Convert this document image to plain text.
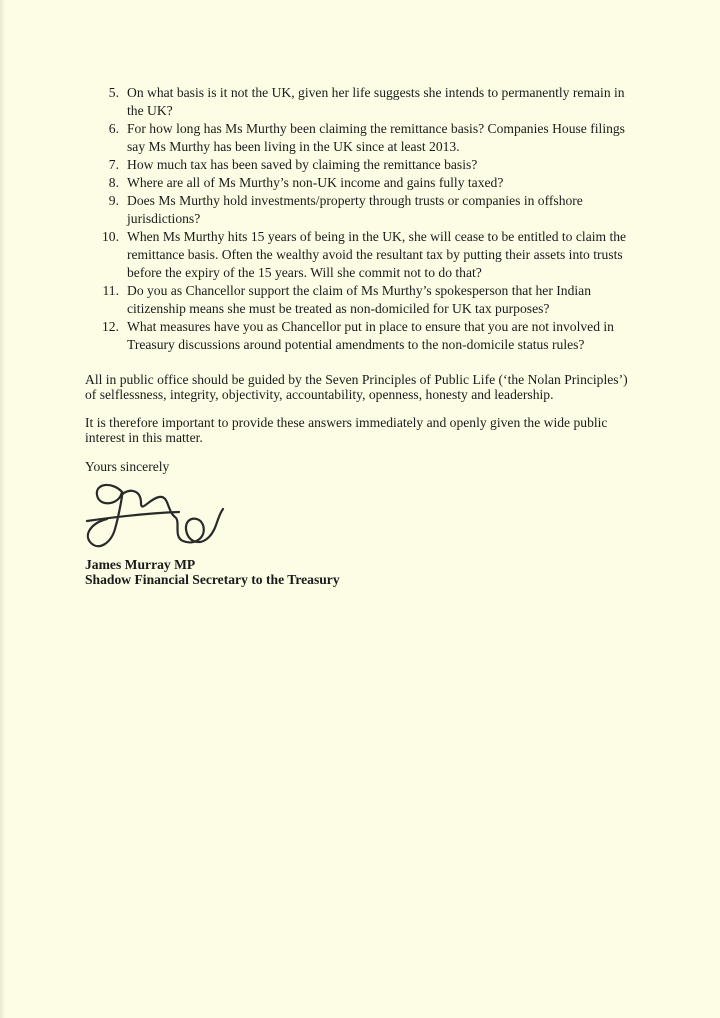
5. On what basis is it not the UK, given her life suggests she intends to permanently remain in the UK?
6. For how long has Ms Murthy been claiming the remittance basis? Companies House filings say Ms Murthy has been living in the UK since at least 2013.
7. How much tax has been saved by claiming the remittance basis?
8. Where are all of Ms Murthy’s non-UK income and gains fully taxed?
9. Does Ms Murthy hold investments/property through trusts or companies in offshore jurisdictions?
10. When Ms Murthy hits 15 years of being in the UK, she will cease to be entitled to claim the remittance basis. Often the wealthy avoid the resultant tax by putting their assets into trusts before the expiry of the 15 years. Will she commit not to do that?
11. Do you as Chancellor support the claim of Ms Murthy’s spokesperson that her Indian citizenship means she must be treated as non-domiciled for UK tax purposes?
12. What measures have you as Chancellor put in place to ensure that you are not involved in Treasury discussions around potential amendments to the non-domicile status rules?

All in public office should be guided by the Seven Principles of Public Life (‘the Nolan Principles’) of selflessness, integrity, objectivity, accountability, openness, honesty and leadership.

It is therefore important to provide these answers immediately and openly given the wide public interest in this matter.

Yours sincerely
James Murray MP
Shadow Financial Secretary to the Treasury
